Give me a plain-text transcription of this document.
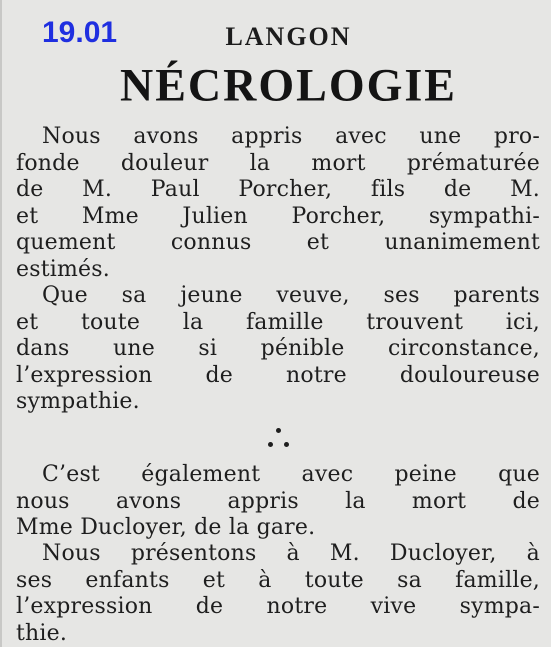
19.01	LANGON
NÉCROLOGIE
Nous avons appris avec une pro-
fonde douleur la mort prématurée
de M. Paul Porcher, fils de M.
et Mme Julien Porcher, sympathi-
quement connus et unanimement
estimés.
Que sa jeune veuve, ses parents
et toute la famille trouvent ici,
dans une si pénible circonstance,
l’expression de notre douloureuse
sympathie.
C’est également avec peine que
nous avons appris la mort de
Mme Ducloyer, de la gare.
Nous présentons à M. Ducloyer, à
ses enfants et à toute sa famille,
l’expression de notre vive sympa-
thie.
